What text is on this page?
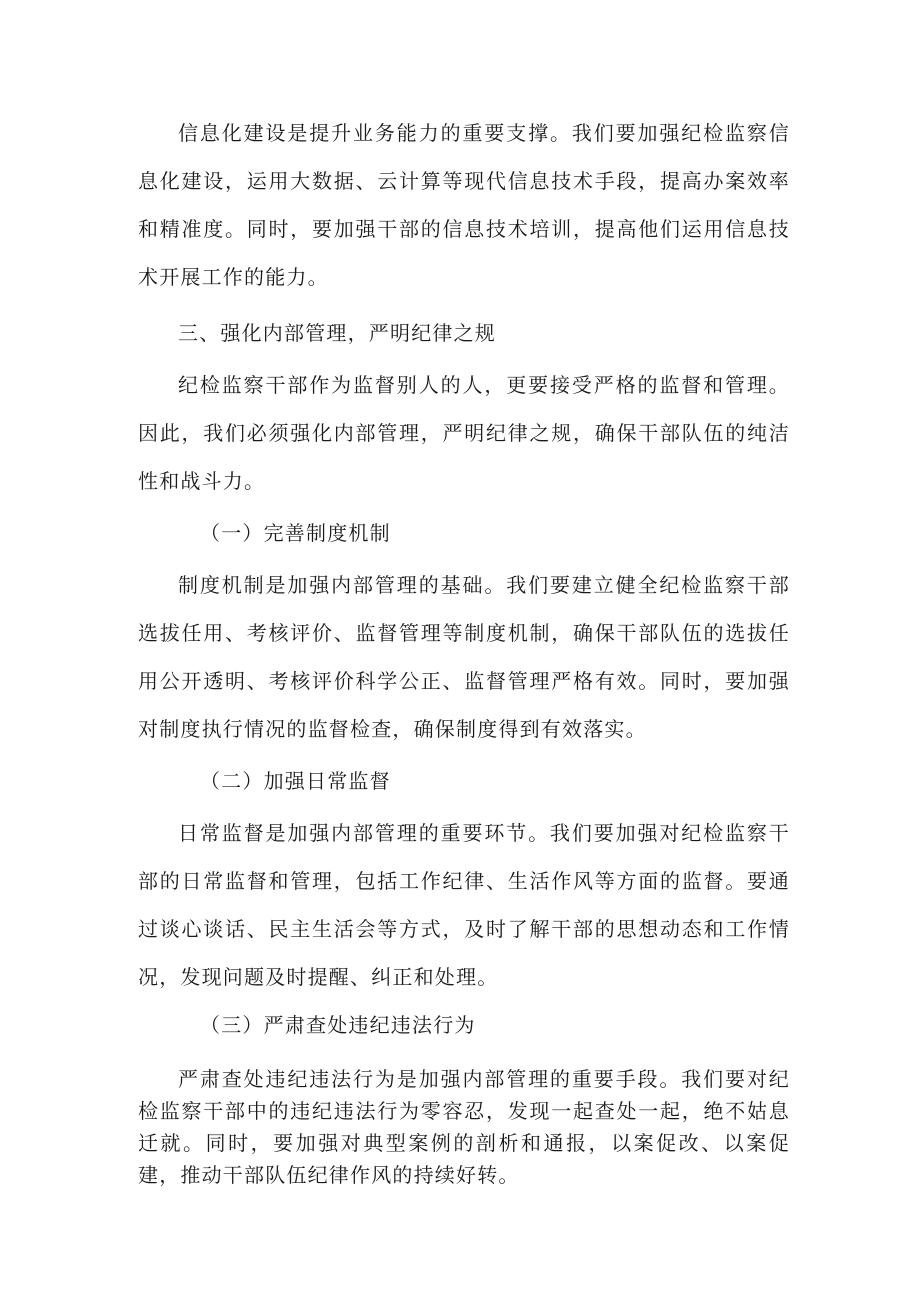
信息化建设是提升业务能力的重要支撑。我们要加强纪检监察信息化建设，运用大数据、云计算等现代信息技术手段，提高办案效率和精准度。同时，要加强干部的信息技术培训，提高他们运用信息技术开展工作的能力。

三、强化内部管理，严明纪律之规

纪检监察干部作为监督别人的人，更要接受严格的监督和管理。因此，我们必须强化内部管理，严明纪律之规，确保干部队伍的纯洁性和战斗力。

（一）完善制度机制

制度机制是加强内部管理的基础。我们要建立健全纪检监察干部选拔任用、考核评价、监督管理等制度机制，确保干部队伍的选拔任用公开透明、考核评价科学公正、监督管理严格有效。同时，要加强对制度执行情况的监督检查，确保制度得到有效落实。

（二）加强日常监督

日常监督是加强内部管理的重要环节。我们要加强对纪检监察干部的日常监督和管理，包括工作纪律、生活作风等方面的监督。要通过谈心谈话、民主生活会等方式，及时了解干部的思想动态和工作情况，发现问题及时提醒、纠正和处理。

（三）严肃查处违纪违法行为

严肃查处违纪违法行为是加强内部管理的重要手段。我们要对纪检监察干部中的违纪违法行为零容忍，发现一起查处一起，绝不姑息迁就。同时，要加强对典型案例的剖析和通报，以案促改、以案促建，推动干部队伍纪律作风的持续好转。
